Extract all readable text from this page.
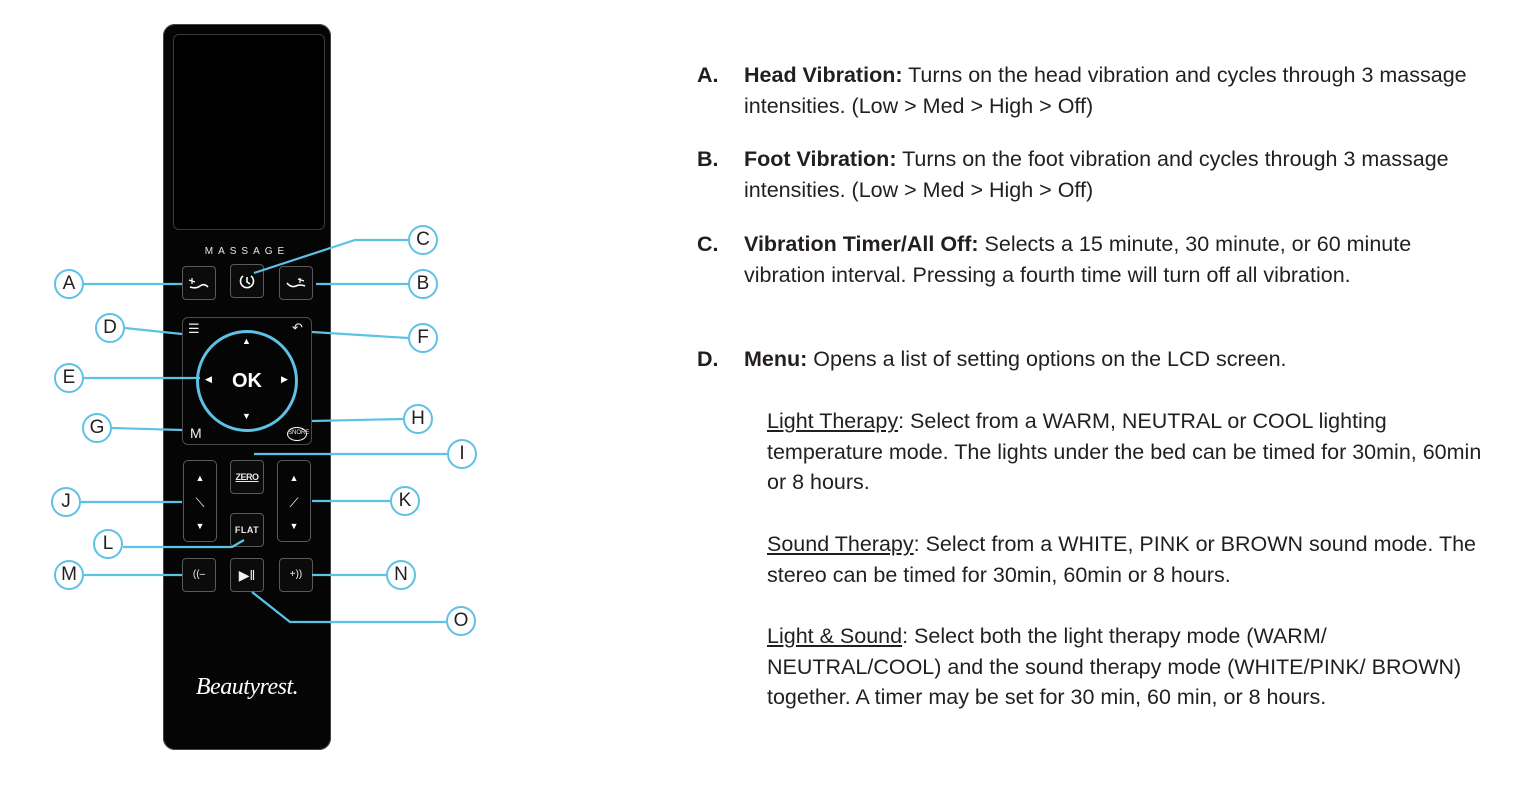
MASSAGE
☰	↶
▲
▼
◀	▶
OK
M	SNORE
▲
⟍
▼
ZERO
FLAT
▲
⟋
▼
((– ▶ǁ	+))
Beautyrest.
A	B
C
D
E
F
G	H
I
J	K
L
M	N
O
A. Head Vibration: Turns on the head vibration and cycles through 3 massage intensities. (Low > Med > High > Off)
B. Foot Vibration: Turns on the foot vibration and cycles through 3 massage intensities. (Low > Med > High > Off)
C. Vibration Timer/All Off: Selects a 15 minute, 30 minute, or 60 minute vibration interval. Pressing a fourth time will turn off all vibration.
D. Menu: Opens a list of setting options on the LCD screen.
Light Therapy: Select from a WARM, NEUTRAL or COOL lighting temperature mode. The lights under the bed can be timed for 30min, 60min or 8 hours.
Sound Therapy: Select from a WHITE, PINK or BROWN sound mode. The stereo can be timed for 30min, 60min or 8 hours.
Light & Sound: Select both the light therapy mode (WARM/ NEUTRAL/COOL) and the sound therapy mode (WHITE/PINK/ BROWN) together. A timer may be set for 30 min, 60 min, or 8 hours.
